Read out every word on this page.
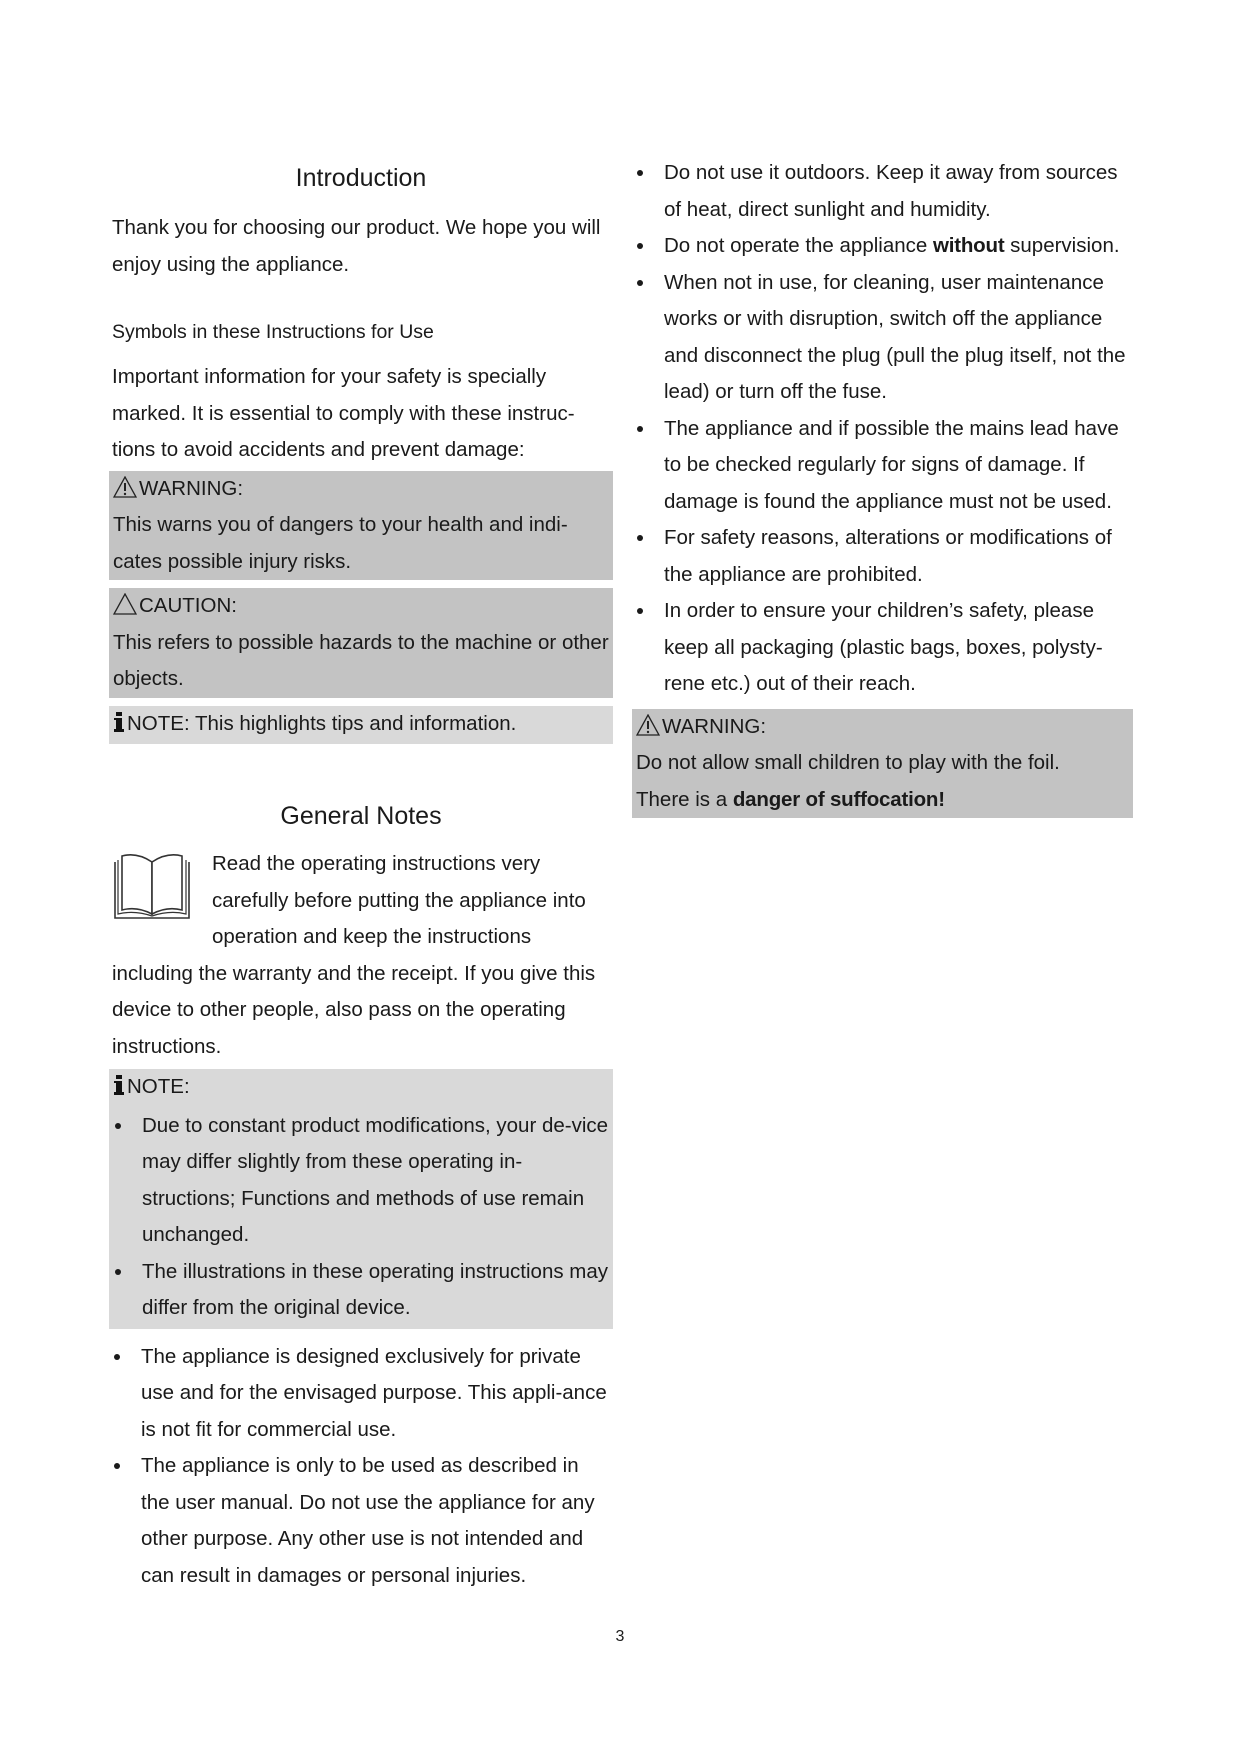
Introduction

Thank you for choosing our product. We hope you will enjoy using the appliance.

Symbols in these Instructions for Use

Important information for your safety is specially marked. It is essential to comply with these instruc-tions to avoid accidents and prevent damage:

WARNING:

This warns you of dangers to your health and indi-cates possible injury risks.

CAUTION:

This refers to possible hazards to the machine or other objects.

NOTE: This highlights tips and information.
General Notes

Read the operating instructions very carefully before putting the appliance into operation and keep the instructions including the warranty and the receipt. If you give this device to other people, also pass on the operating instructions.

NOTE:
Due to constant product modifications, your de-vice may differ slightly from these operating in-structions; Functions and methods of use remain unchanged.
The illustrations in these operating instructions may differ from the original device.
The appliance is designed exclusively for private use and for the envisaged purpose. This appli-ance is not fit for commercial use.
The appliance is only to be used as described in the user manual. Do not use the appliance for any other purpose. Any other use is not intended and can result in damages or personal injuries.
Do not use it outdoors. Keep it away from sources of heat, direct sunlight and humidity.
Do not operate the appliance without supervision.
When not in use, for cleaning, user maintenance works or with disruption, switch off the appliance and disconnect the plug (pull the plug itself, not the lead) or turn off the fuse.
The appliance and if possible the mains lead have to be checked regularly for signs of damage. If damage is found the appliance must not be used.
For safety reasons, alterations or modifications of the appliance are prohibited.
In order to ensure your children’s safety, please keep all packaging (plastic bags, boxes, polysty-rene etc.) out of their reach.
WARNING:

Do not allow small children to play with the foil.

There is a danger of suffocation!

3
